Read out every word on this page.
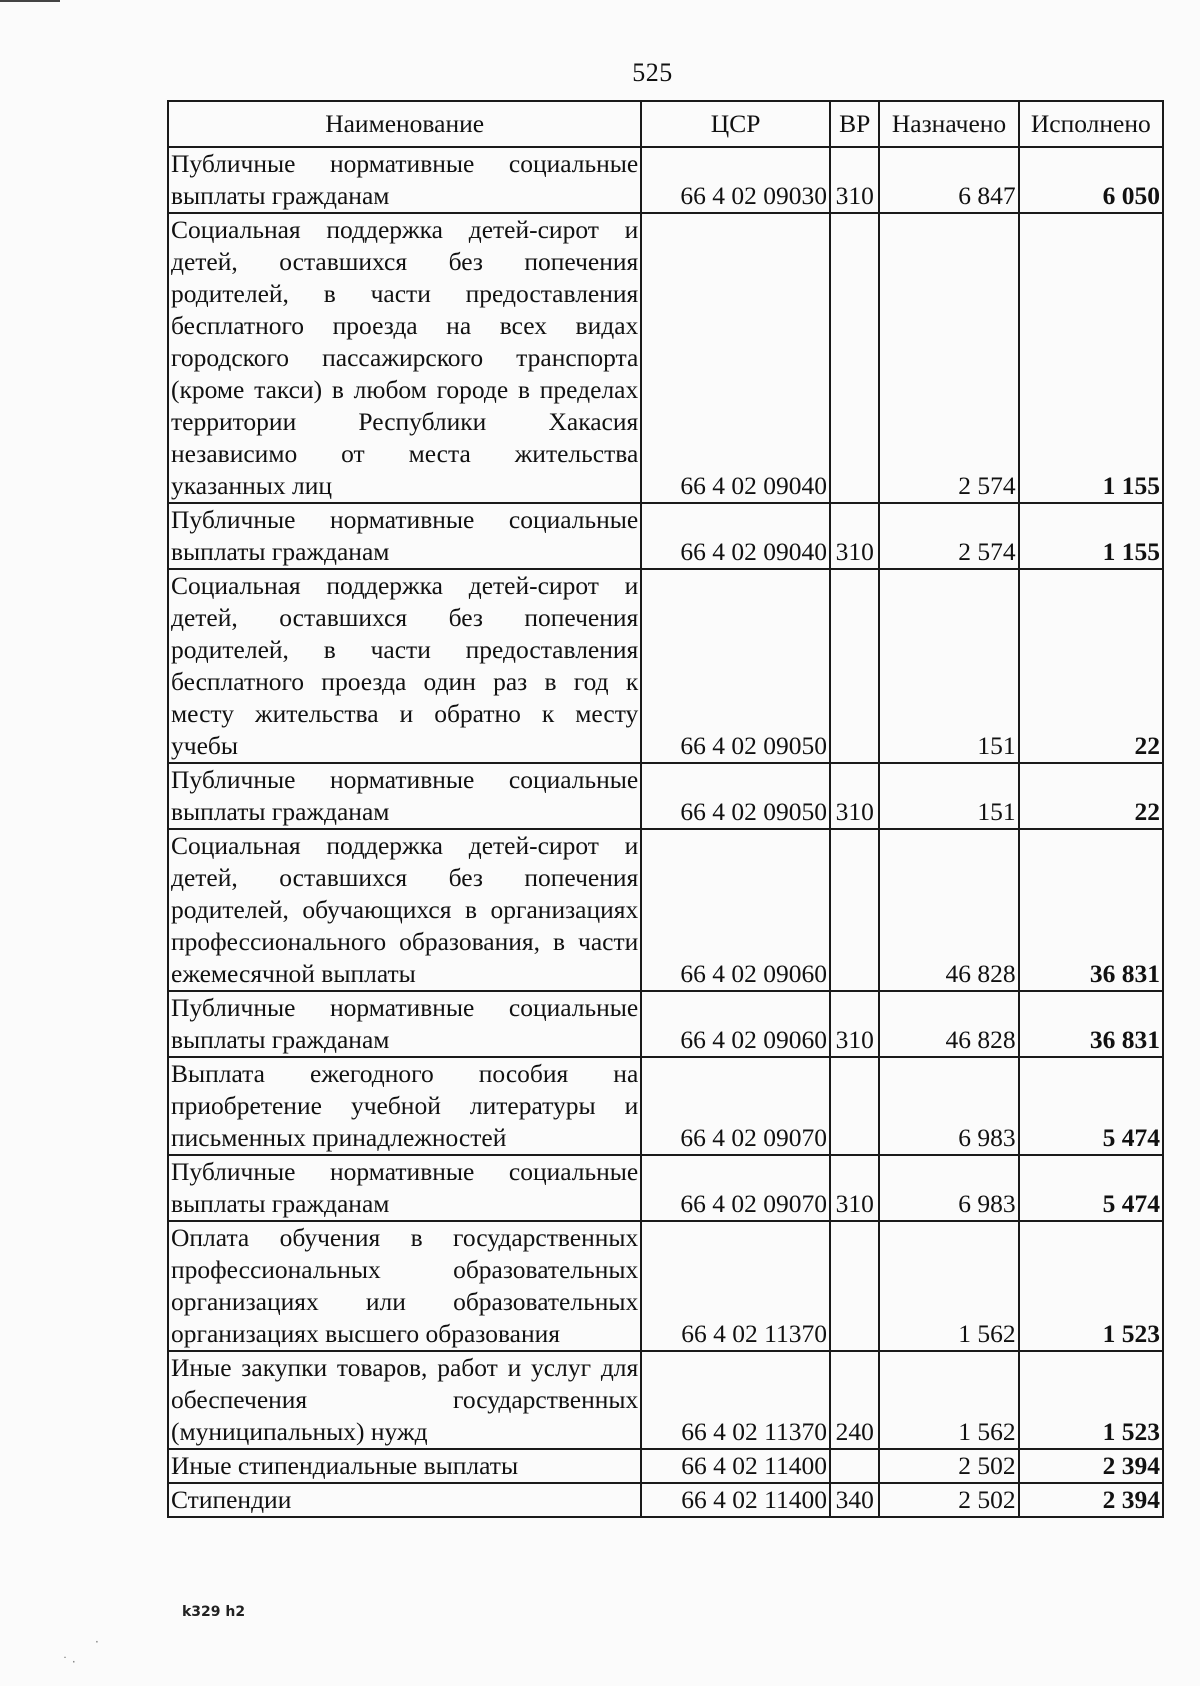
525
Наименование	ЦСР	ВР	Назначено	Исполнено
Публичные нормативные социальные выплаты гражданам	66 4 02 09030	310	6 847	6 050
Социальная поддержка детей-сирот и детей, оставшихся без попечения родителей, в части предоставления бесплатного проезда на всех видах городского пассажирского транспорта (кроме такси) в любом городе в пределах территории Республики Хакасия независимо от места жительства указанных лиц	66 4 02 09040		2 574	1 155
Публичные нормативные социальные выплаты гражданам	66 4 02 09040	310	2 574	1 155
Социальная поддержка детей-сирот и детей, оставшихся без попечения родителей, в части предоставления бесплатного проезда один раз в год к месту жительства и обратно к месту учебы	66 4 02 09050		151	22
Публичные нормативные социальные выплаты гражданам	66 4 02 09050	310	151	22
Социальная поддержка детей-сирот и детей, оставшихся без попечения родителей, обучающихся в организациях профессионального образования, в части ежемесячной выплаты	66 4 02 09060		46 828	36 831
Публичные нормативные социальные выплаты гражданам	66 4 02 09060	310	46 828	36 831
Выплата ежегодного пособия на приобретение учебной литературы и письменных принадлежностей	66 4 02 09070		6 983	5 474
Публичные нормативные социальные выплаты гражданам	66 4 02 09070	310	6 983	5 474
Оплата обучения в государственных профессиональных образовательных организациях или образовательных организациях высшего образования	66 4 02 11370		1 562	1 523
Иные закупки товаров, работ и услуг для обеспечения государственных (муниципальных) нужд	66 4 02 11370	240	1 562	1 523
Иные стипендиальные выплаты	66 4 02 11400		2 502	2 394
Стипендии	66 4 02 11400	340	2 502	2 394
k329 h2
˙ ·
·
